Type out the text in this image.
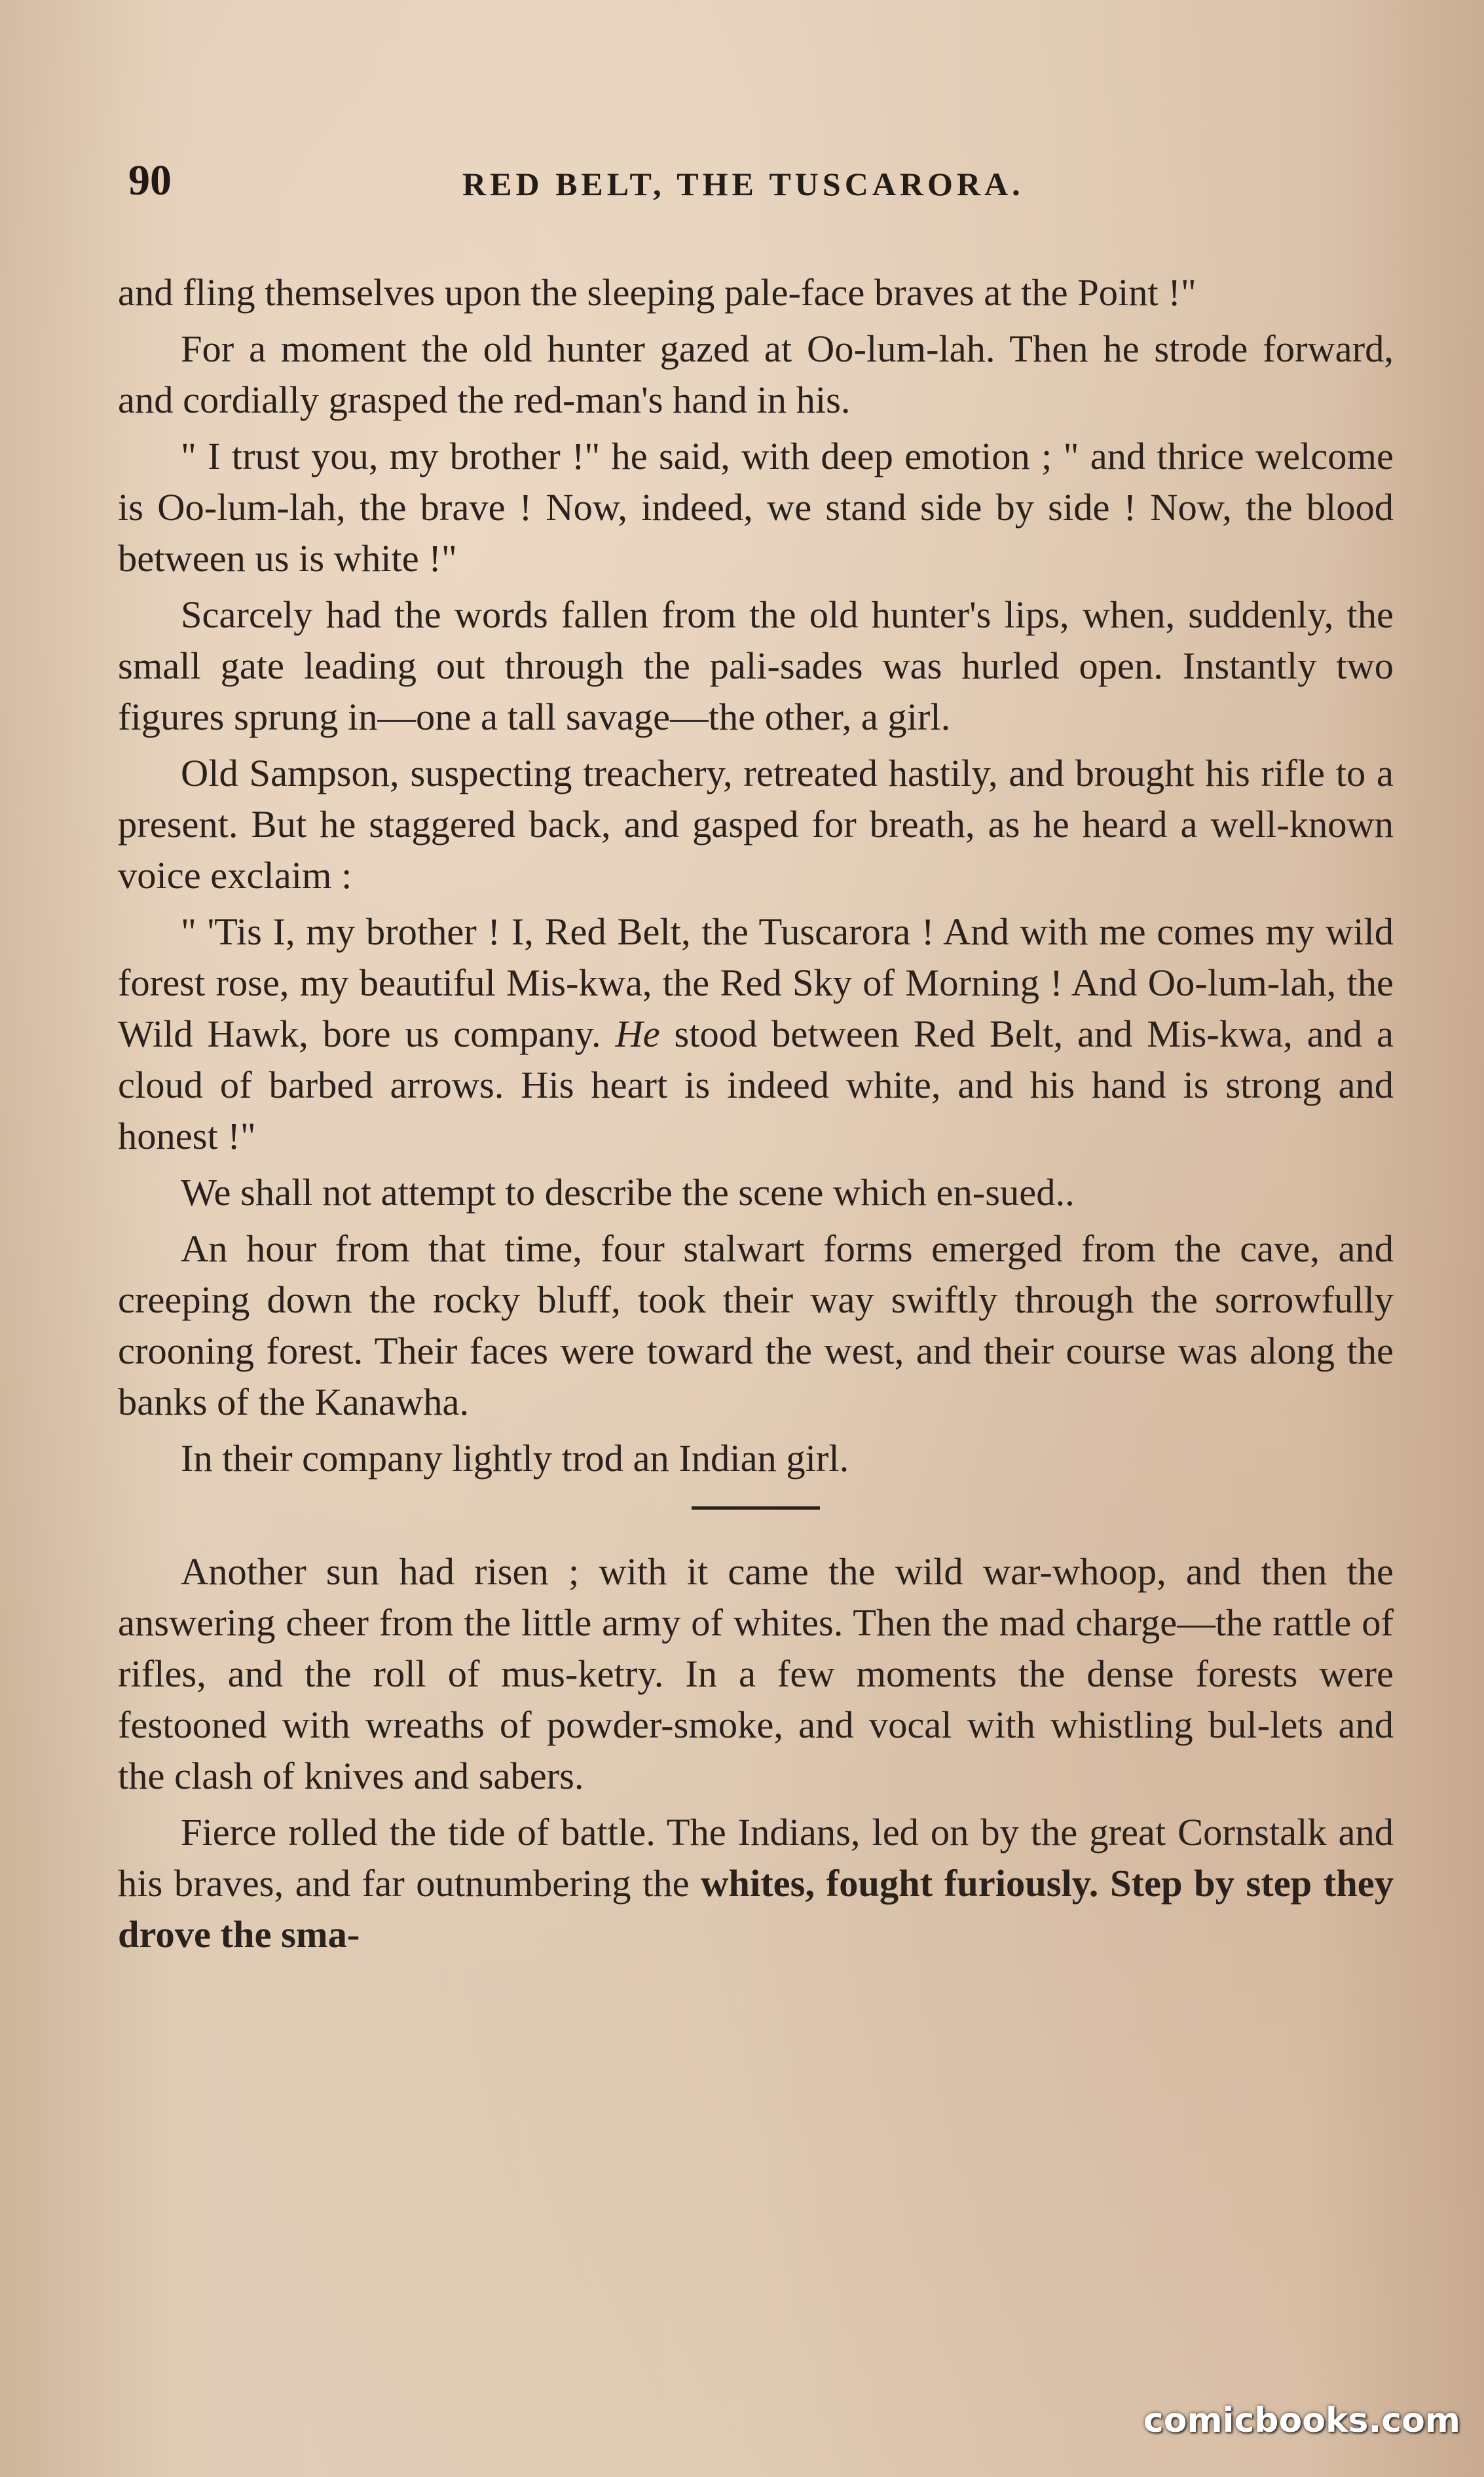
90	RED BELT, THE TUSCARORA.

and fling themselves upon the sleeping pale-face braves at the Point !"

For a moment the old hunter gazed at Oo-lum-lah. Then he strode forward, and cordially grasped the red-man's hand in his.

" I trust you, my brother !" he said, with deep emotion ; " and thrice welcome is Oo-lum-lah, the brave ! Now, indeed, we stand side by side ! Now, the blood between us is white !"

Scarcely had the words fallen from the old hunter's lips, when, suddenly, the small gate leading out through the pali-sades was hurled open. Instantly two figures sprung in—one a tall savage—the other, a girl.

Old Sampson, suspecting treachery, retreated hastily, and brought his rifle to a present. But he staggered back, and gasped for breath, as he heard a well-known voice exclaim :

" 'Tis I, my brother ! I, Red Belt, the Tuscarora ! And with me comes my wild forest rose, my beautiful Mis-kwa, the Red Sky of Morning ! And Oo-lum-lah, the Wild Hawk, bore us company. He stood between Red Belt, and Mis-kwa, and a cloud of barbed arrows. His heart is indeed white, and his hand is strong and honest !"

We shall not attempt to describe the scene which en-sued..

An hour from that time, four stalwart forms emerged from the cave, and creeping down the rocky bluff, took their way swiftly through the sorrowfully crooning forest. Their faces were toward the west, and their course was along the banks of the Kanawha.

In their company lightly trod an Indian girl.

Another sun had risen ; with it came the wild war-whoop, and then the answering cheer from the little army of whites. Then the mad charge—the rattle of rifles, and the roll of mus-ketry. In a few moments the dense forests were festooned with wreaths of powder-smoke, and vocal with whistling bul-lets and the clash of knives and sabers.

Fierce rolled the tide of battle. The Indians, led on by the great Cornstalk and his braves, and far outnumbering the whites, fought furiously. Step by step they drove the sma-

comicbooks.com
